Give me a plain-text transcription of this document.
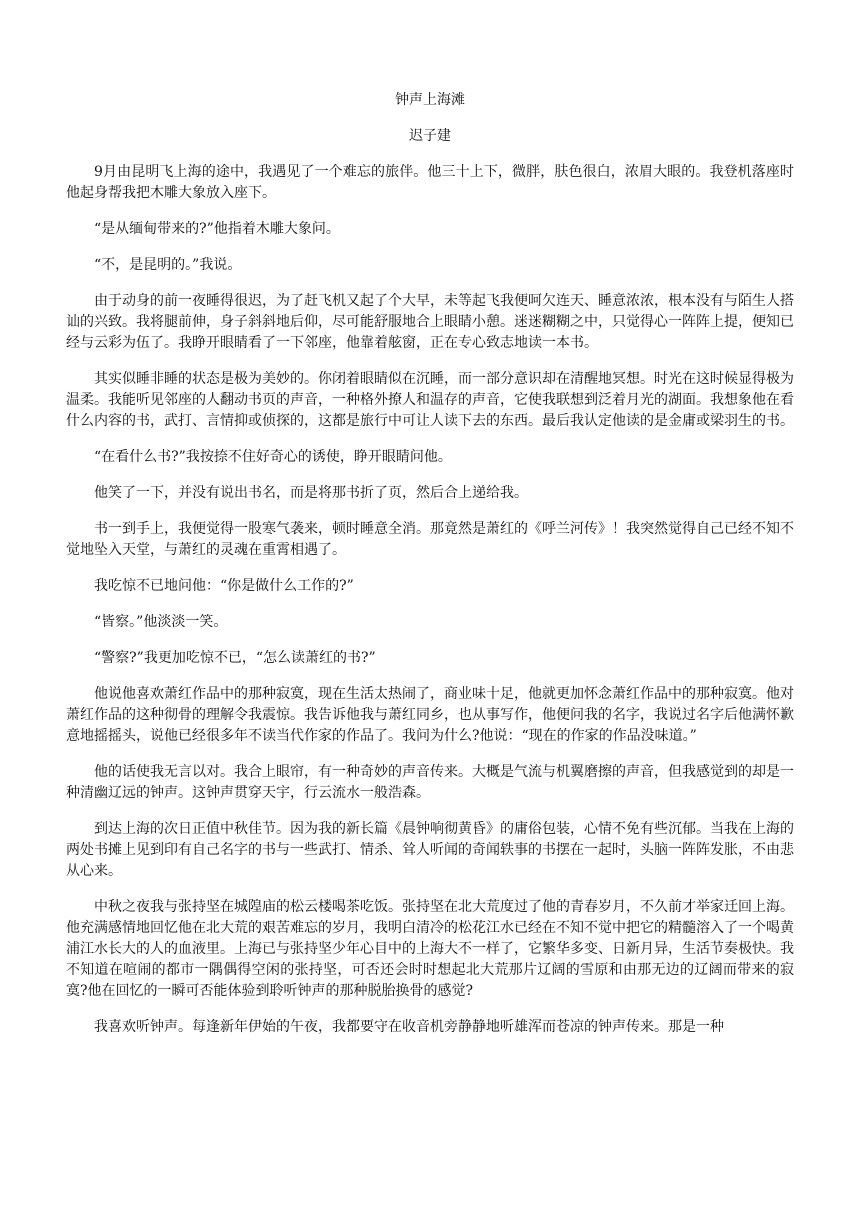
钟声上海滩
迟子建

9月由昆明飞上海的途中，我遇见了一个难忘的旅伴。他三十上下，微胖，肤色很白，浓眉大眼的。我登机落座时他起身帮我把木雕大象放入座下。

“是从缅甸带来的?”他指着木雕大象问。

“不，是昆明的。”我说。

由于动身的前一夜睡得很迟，为了赶飞机又起了个大早，未等起飞我便呵欠连天、睡意浓浓，根本没有与陌生人搭讪的兴致。我将腿前伸，身子斜斜地后仰，尽可能舒服地合上眼睛小憩。迷迷糊糊之中，只觉得心一阵阵上提，便知已经与云彩为伍了。我睁开眼睛看了一下邻座，他靠着舷窗，正在专心致志地读一本书。

其实似睡非睡的状态是极为美妙的。你闭着眼睛似在沉睡，而一部分意识却在清醒地冥想。时光在这时候显得极为温柔。我能听见邻座的人翻动书页的声音，一种格外撩人和温存的声音，它使我联想到泛着月光的湖面。我想象他在看什么内容的书，武打、言情抑或侦探的，这都是旅行中可让人读下去的东西。最后我认定他读的是金庸或梁羽生的书。

“在看什么书?”我按捺不住好奇心的诱使，睁开眼睛问他。

他笑了一下，并没有说出书名，而是将那书折了页，然后合上递给我。

书一到手上，我便觉得一股寒气袭来，顿时睡意全消。那竟然是萧红的《呼兰河传》！我突然觉得自己已经不知不觉地坠入天堂，与萧红的灵魂在重霄相遇了。

我吃惊不已地问他：“你是做什么工作的?”

“皆察。”他淡淡一笑。

“警察?”我更加吃惊不已，“怎么读萧红的书?”

他说他喜欢萧红作品中的那种寂寞，现在生活太热闹了，商业味十足，他就更加怀念萧红作品中的那种寂寞。他对萧红作品的这种彻骨的理解令我震惊。我告诉他我与萧红同乡，也从事写作，他便问我的名字，我说过名字后他满怀歉意地摇摇头，说他已经很多年不读当代作家的作品了。我问为什么?他说：“现在的作家的作品没味道。”

他的话使我无言以对。我合上眼帘，有一种奇妙的声音传来。大概是气流与机翼磨擦的声音，但我感觉到的却是一种清幽辽远的钟声。这钟声贯穿天宇，行云流水一般浩森。

到达上海的次日正值中秋佳节。因为我的新长篇《晨钟响彻黄昏》的庸俗包装，心情不免有些沉郁。当我在上海的两处书摊上见到印有自己名字的书与一些武打、情杀、耸人听闻的奇闻轶事的书摆在一起时，头脑一阵阵发胀，不由悲从心来。

中秋之夜我与张持坚在城隍庙的松云楼喝茶吃饭。张持坚在北大荒度过了他的青春岁月，不久前才举家迁回上海。他充满感情地回忆他在北大荒的艰苦难忘的岁月，我明白清冷的松花江水已经在不知不觉中把它的精髓溶入了一个喝黄浦江水长大的人的血液里。上海已与张持坚少年心目中的上海大不一样了，它繁华多变、日新月异，生活节奏极快。我不知道在喧闹的都市一隅偶得空闲的张持坚，可否还会时时想起北大荒那片辽阔的雪原和由那无边的辽阔而带来的寂寞?他在回忆的一瞬可否能体验到聆听钟声的那种脱胎换骨的感觉?

我喜欢听钟声。每逢新年伊始的午夜，我都要守在收音机旁静静地听雄浑而苍凉的钟声传来。那是一种
